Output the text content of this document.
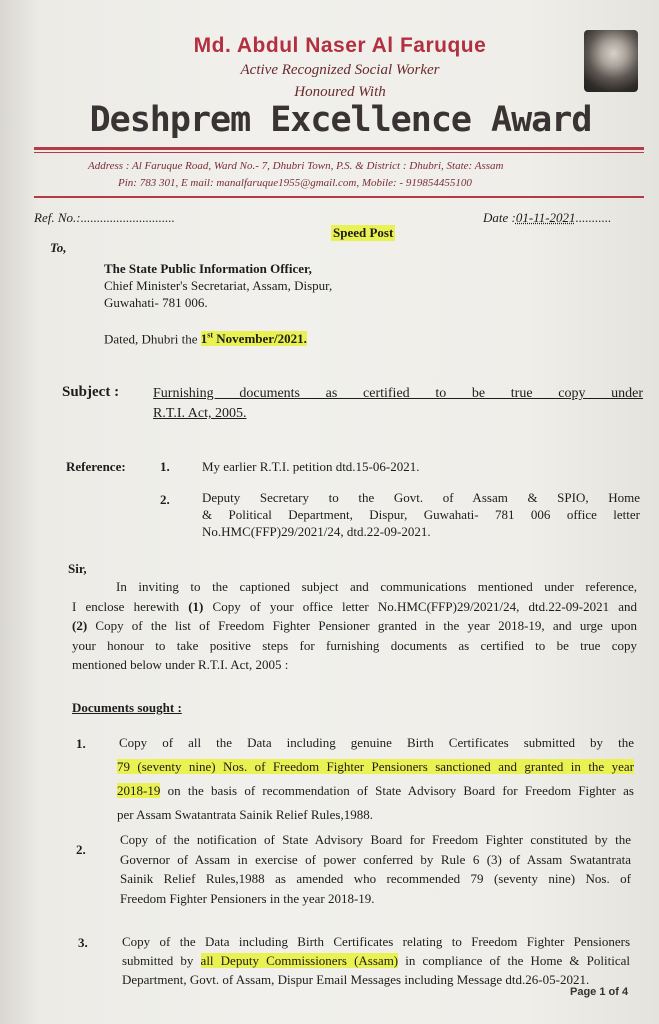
Md. Abdul Naser Al Faruque
Active Recognized Social Worker
Honoured With
Deshprem Excellence Award
Address : Al Faruque Road, Ward No.- 7, Dhubri Town, P.S. & District : Dhubri, State: Assam
Pin: 783 301, E mail: manalfaruque1955@gmail.com, Mobile: - 919854455100
Ref. No.:.............................	Date :01-11-2021...........
Speed Post
To,
The State Public Information Officer,
Chief Minister's Secretariat, Assam, Dispur,
Guwahati- 781 006.
Dated, Dhubri the 1st November/2021.
Subject : Furnishing documents as certified to be true copy under
R.T.I. Act, 2005.
Reference:	1. My earlier R.T.I. petition dtd.15-06-2021.
2. Deputy Secretary to the Govt. of Assam & SPIO, Home
& Political Department, Dispur, Guwahati- 781 006 office letter
No.HMC(FFP)29/2021/24, dtd.22-09-2021.
Sir,
In inviting to the captioned subject and communications mentioned under reference,
I enclose herewith (1) Copy of your office letter No.HMC(FFP)29/2021/24, dtd.22-09-2021 and
(2) Copy of the list of Freedom Fighter Pensioner granted in the year 2018-19, and urge upon
your honour to take positive steps for furnishing documents as certified to be true copy
mentioned below under R.T.I. Act, 2005 :
Documents sought :
1.	Copy of all the Data including genuine Birth Certificates submitted by the
79 (seventy nine) Nos. of Freedom Fighter Pensioners sanctioned and granted in the year
2018-19 on the basis of recommendation of State Advisory Board for Freedom Fighter as
per Assam Swatantrata Sainik Relief Rules,1988.
2.
Copy of the notification of State Advisory Board for Freedom Fighter constituted by the
Governor of Assam in exercise of power conferred by Rule 6 (3) of Assam Swatantrata
Sainik Relief Rules,1988 as amended who recommended 79 (seventy nine) Nos. of
Freedom Fighter Pensioners in the year 2018-19.
3.	Copy of the Data including Birth Certificates relating to Freedom Fighter Pensioners
submitted by all Deputy Commissioners (Assam) in compliance of the Home & Political
Department, Govt. of Assam, Dispur Email Messages including Message dtd.26-05-2021.
Page 1 of 4
